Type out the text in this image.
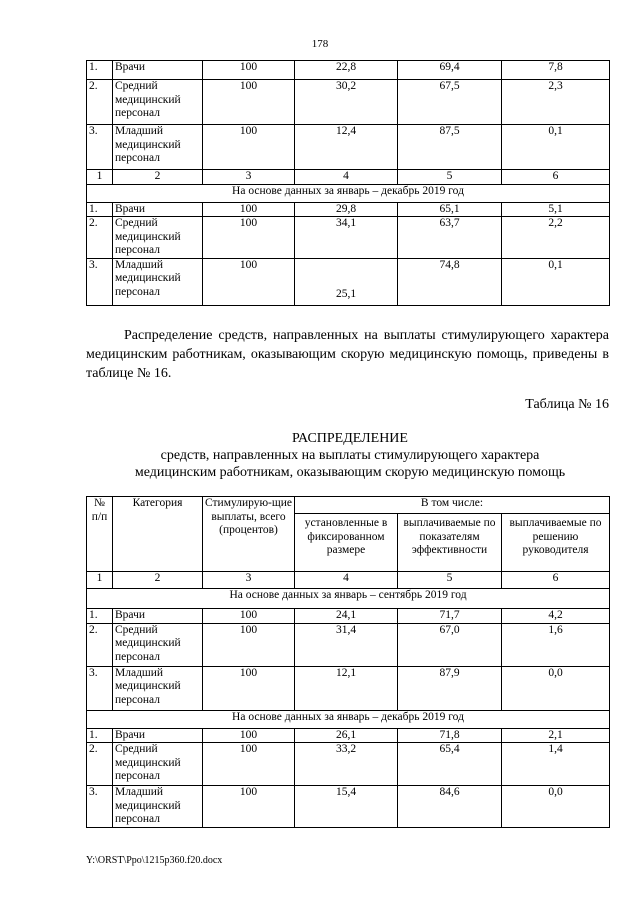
178
1.	Врачи	100	22,8	69,4	7,8
2.	Средний медицинский персонал	100	30,2	67,5	2,3
3.	Младший медицинский персонал	100	12,4	87,5	0,1
1	2	3	4	5	6
На основе данных за январь – декабрь 2019 год					
1.	Врачи	100	29,8	65,1	5,1
2.	Средний медицинский персонал	100	34,1	63,7	2,2
3.	Младший медицинский персонал	100	25,1	74,8	0,1
Распределение средств, направленных на выплаты стимулирующего характера медицинским работникам, оказывающим скорую медицинскую помощь, приведены в таблице № 16.
Таблица № 16
РАСПРЕДЕЛЕНИЕ
средств, направленных на выплаты стимулирующего характера
медицинским работникам, оказывающим скорую медицинскую помощь
№ п/п	Категория	Стимулирую-щие выплаты, всего (процентов)	В том числе:		
			установленные в фиксированном размере	выплачиваемые по показателям эффективности	выплачиваемые по решению руководителя
1	2	3	4	5	6
На основе данных за январь – сентябрь 2019 год					
1.	Врачи	100	24,1	71,7	4,2
2.	Средний медицинский персонал	100	31,4	67,0	1,6
3.	Младший медицинский персонал	100	12,1	87,9	0,0
На основе данных за январь – декабрь 2019 год					
1.	Врачи	100	26,1	71,8	2,1
2.	Средний медицинский персонал	100	33,2	65,4	1,4
3.	Младший медицинский персонал	100	15,4	84,6	0,0
Y:\ORST\Ppo\1215p360.f20.docx
